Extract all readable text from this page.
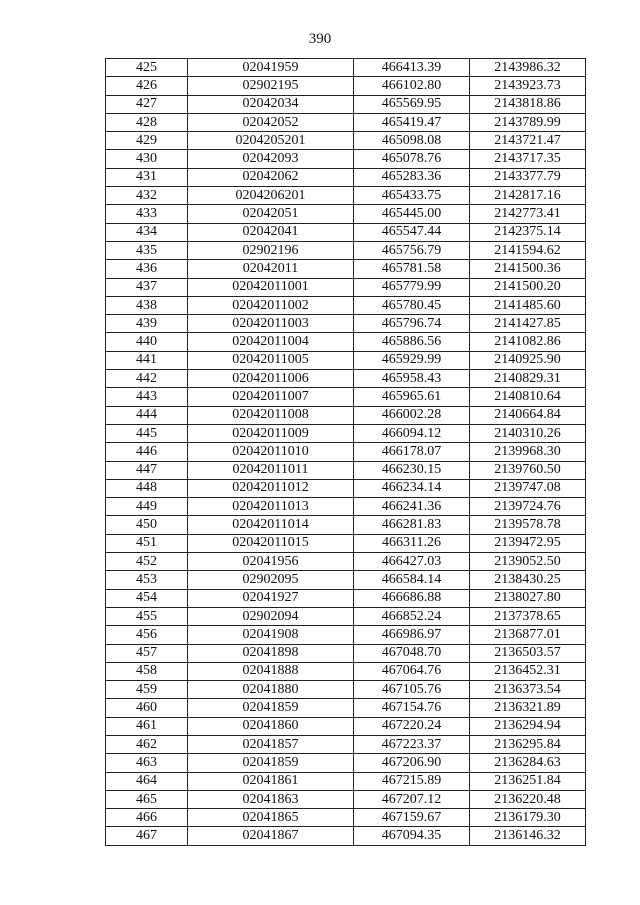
390
425	02041959	466413.39	2143986.32
426	02902195	466102.80	2143923.73
427	02042034	465569.95	2143818.86
428	02042052	465419.47	2143789.99
429	0204205201	465098.08	2143721.47
430	02042093	465078.76	2143717.35
431	02042062	465283.36	2143377.79
432	0204206201	465433.75	2142817.16
433	02042051	465445.00	2142773.41
434	02042041	465547.44	2142375.14
435	02902196	465756.79	2141594.62
436	02042011	465781.58	2141500.36
437	02042011001	465779.99	2141500.20
438	02042011002	465780.45	2141485.60
439	02042011003	465796.74	2141427.85
440	02042011004	465886.56	2141082.86
441	02042011005	465929.99	2140925.90
442	02042011006	465958.43	2140829.31
443	02042011007	465965.61	2140810.64
444	02042011008	466002.28	2140664.84
445	02042011009	466094.12	2140310.26
446	02042011010	466178.07	2139968.30
447	02042011011	466230.15	2139760.50
448	02042011012	466234.14	2139747.08
449	02042011013	466241.36	2139724.76
450	02042011014	466281.83	2139578.78
451	02042011015	466311.26	2139472.95
452	02041956	466427.03	2139052.50
453	02902095	466584.14	2138430.25
454	02041927	466686.88	2138027.80
455	02902094	466852.24	2137378.65
456	02041908	466986.97	2136877.01
457	02041898	467048.70	2136503.57
458	02041888	467064.76	2136452.31
459	02041880	467105.76	2136373.54
460	02041859	467154.76	2136321.89
461	02041860	467220.24	2136294.94
462	02041857	467223.37	2136295.84
463	02041859	467206.90	2136284.63
464	02041861	467215.89	2136251.84
465	02041863	467207.12	2136220.48
466	02041865	467159.67	2136179.30
467	02041867	467094.35	2136146.32
